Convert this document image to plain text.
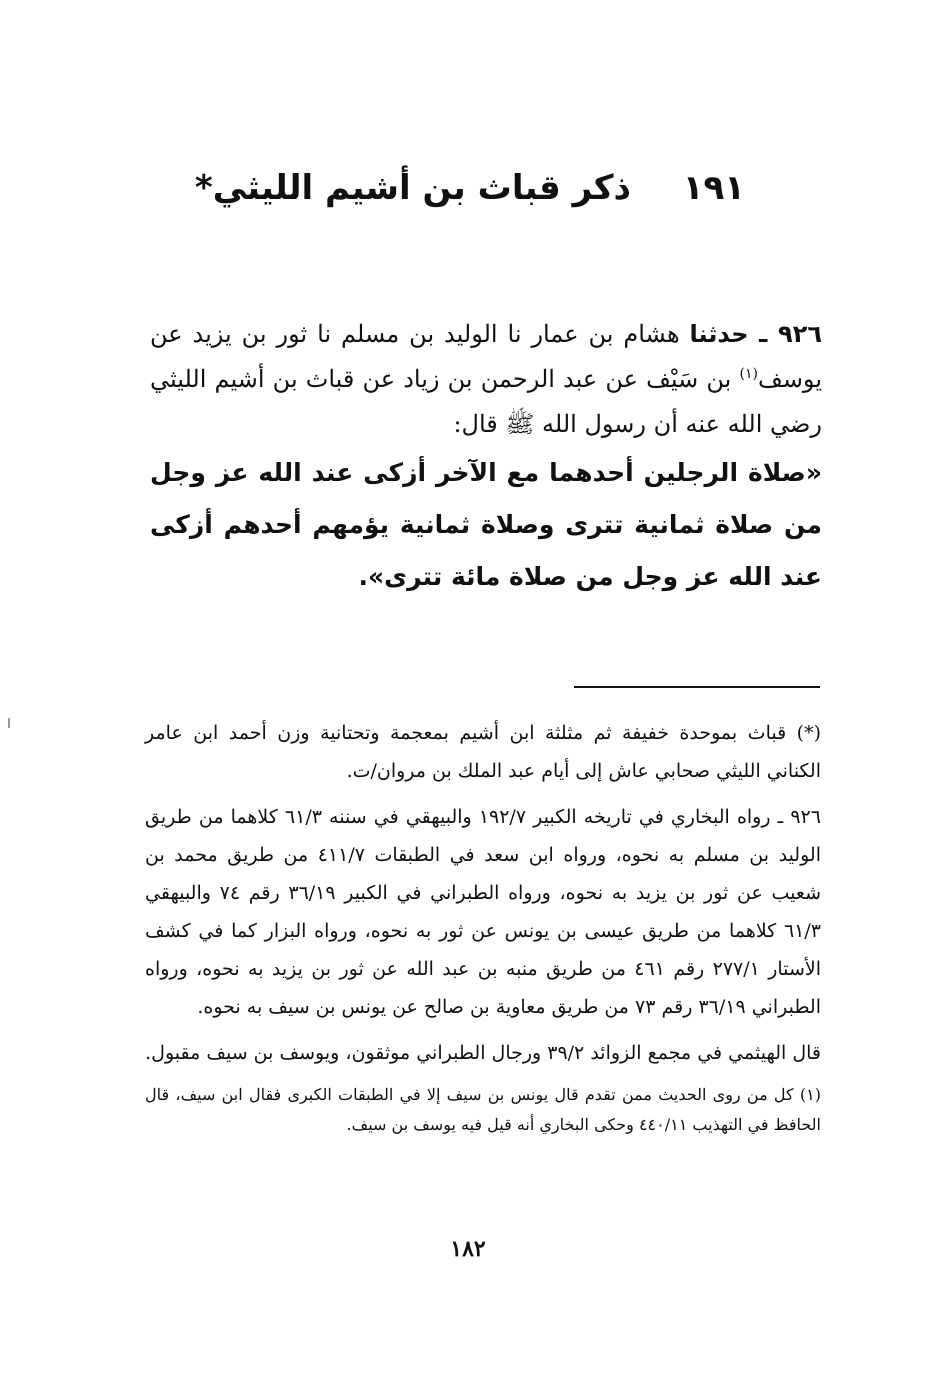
١٩١ ذكر قباث بن أشيم الليثي*

٩٢٦ ـ حدثنا هشام بن عمار نا الوليد بن مسلم نا ثور بن يزيد عن يوسف$^{(١)}$ بن سَيْف عن عبد الرحمن بن زياد عن قباث بن أشيم الليثي رضي الله عنه أن رسول الله ﷺ قال:

«صلاة الرجلين أحدهما مع الآخر أزكى عند الله عز وجل من صلاة ثمانية تترى وصلاة ثمانية يؤمهم أحدهم أزكى عند الله عز وجل من صلاة مائة تترى».

(*) قباث بموحدة خفيفة ثم مثلثة ابن أشيم بمعجمة وتحتانية وزن أحمد ابن عامر الكناني الليثي صحابي عاش إلى أيام عبد الملك بن مروان/ت.

٩٢٦ ـ رواه البخاري في تاريخه الكبير ١٩٢/٧ والبيهقي في سننه ٦١/٣ كلاهما من طريق الوليد بن مسلم به نحوه، ورواه ابن سعد في الطبقات ٤١١/٧ من طريق محمد بن شعيب عن ثور بن يزيد به نحوه، ورواه الطبراني في الكبير ٣٦/١٩ رقم ٧٤ والبيهقي ٦١/٣ كلاهما من طريق عيسى بن يونس عن ثور به نحوه، ورواه البزار كما في كشف الأستار ٢٧٧/١ رقم ٤٦١ من طريق منبه بن عبد الله عن ثور بن يزيد به نحوه، ورواه الطبراني ٣٦/١٩ رقم ٧٣ من طريق معاوية بن صالح عن يونس بن سيف به نحوه.

قال الهيثمي في مجمع الزوائد ٣٩/٢ ورجال الطبراني موثقون، ويوسف بن سيف مقبول.

(١) كل من روى الحديث ممن تقدم قال يونس بن سيف إلا في الطبقات الكبرى فقال ابن سيف، قال الحافظ في التهذيب ٤٤٠/١١ وحكى البخاري أنه قيل فيه يوسف بن سيف.

١٨٢
